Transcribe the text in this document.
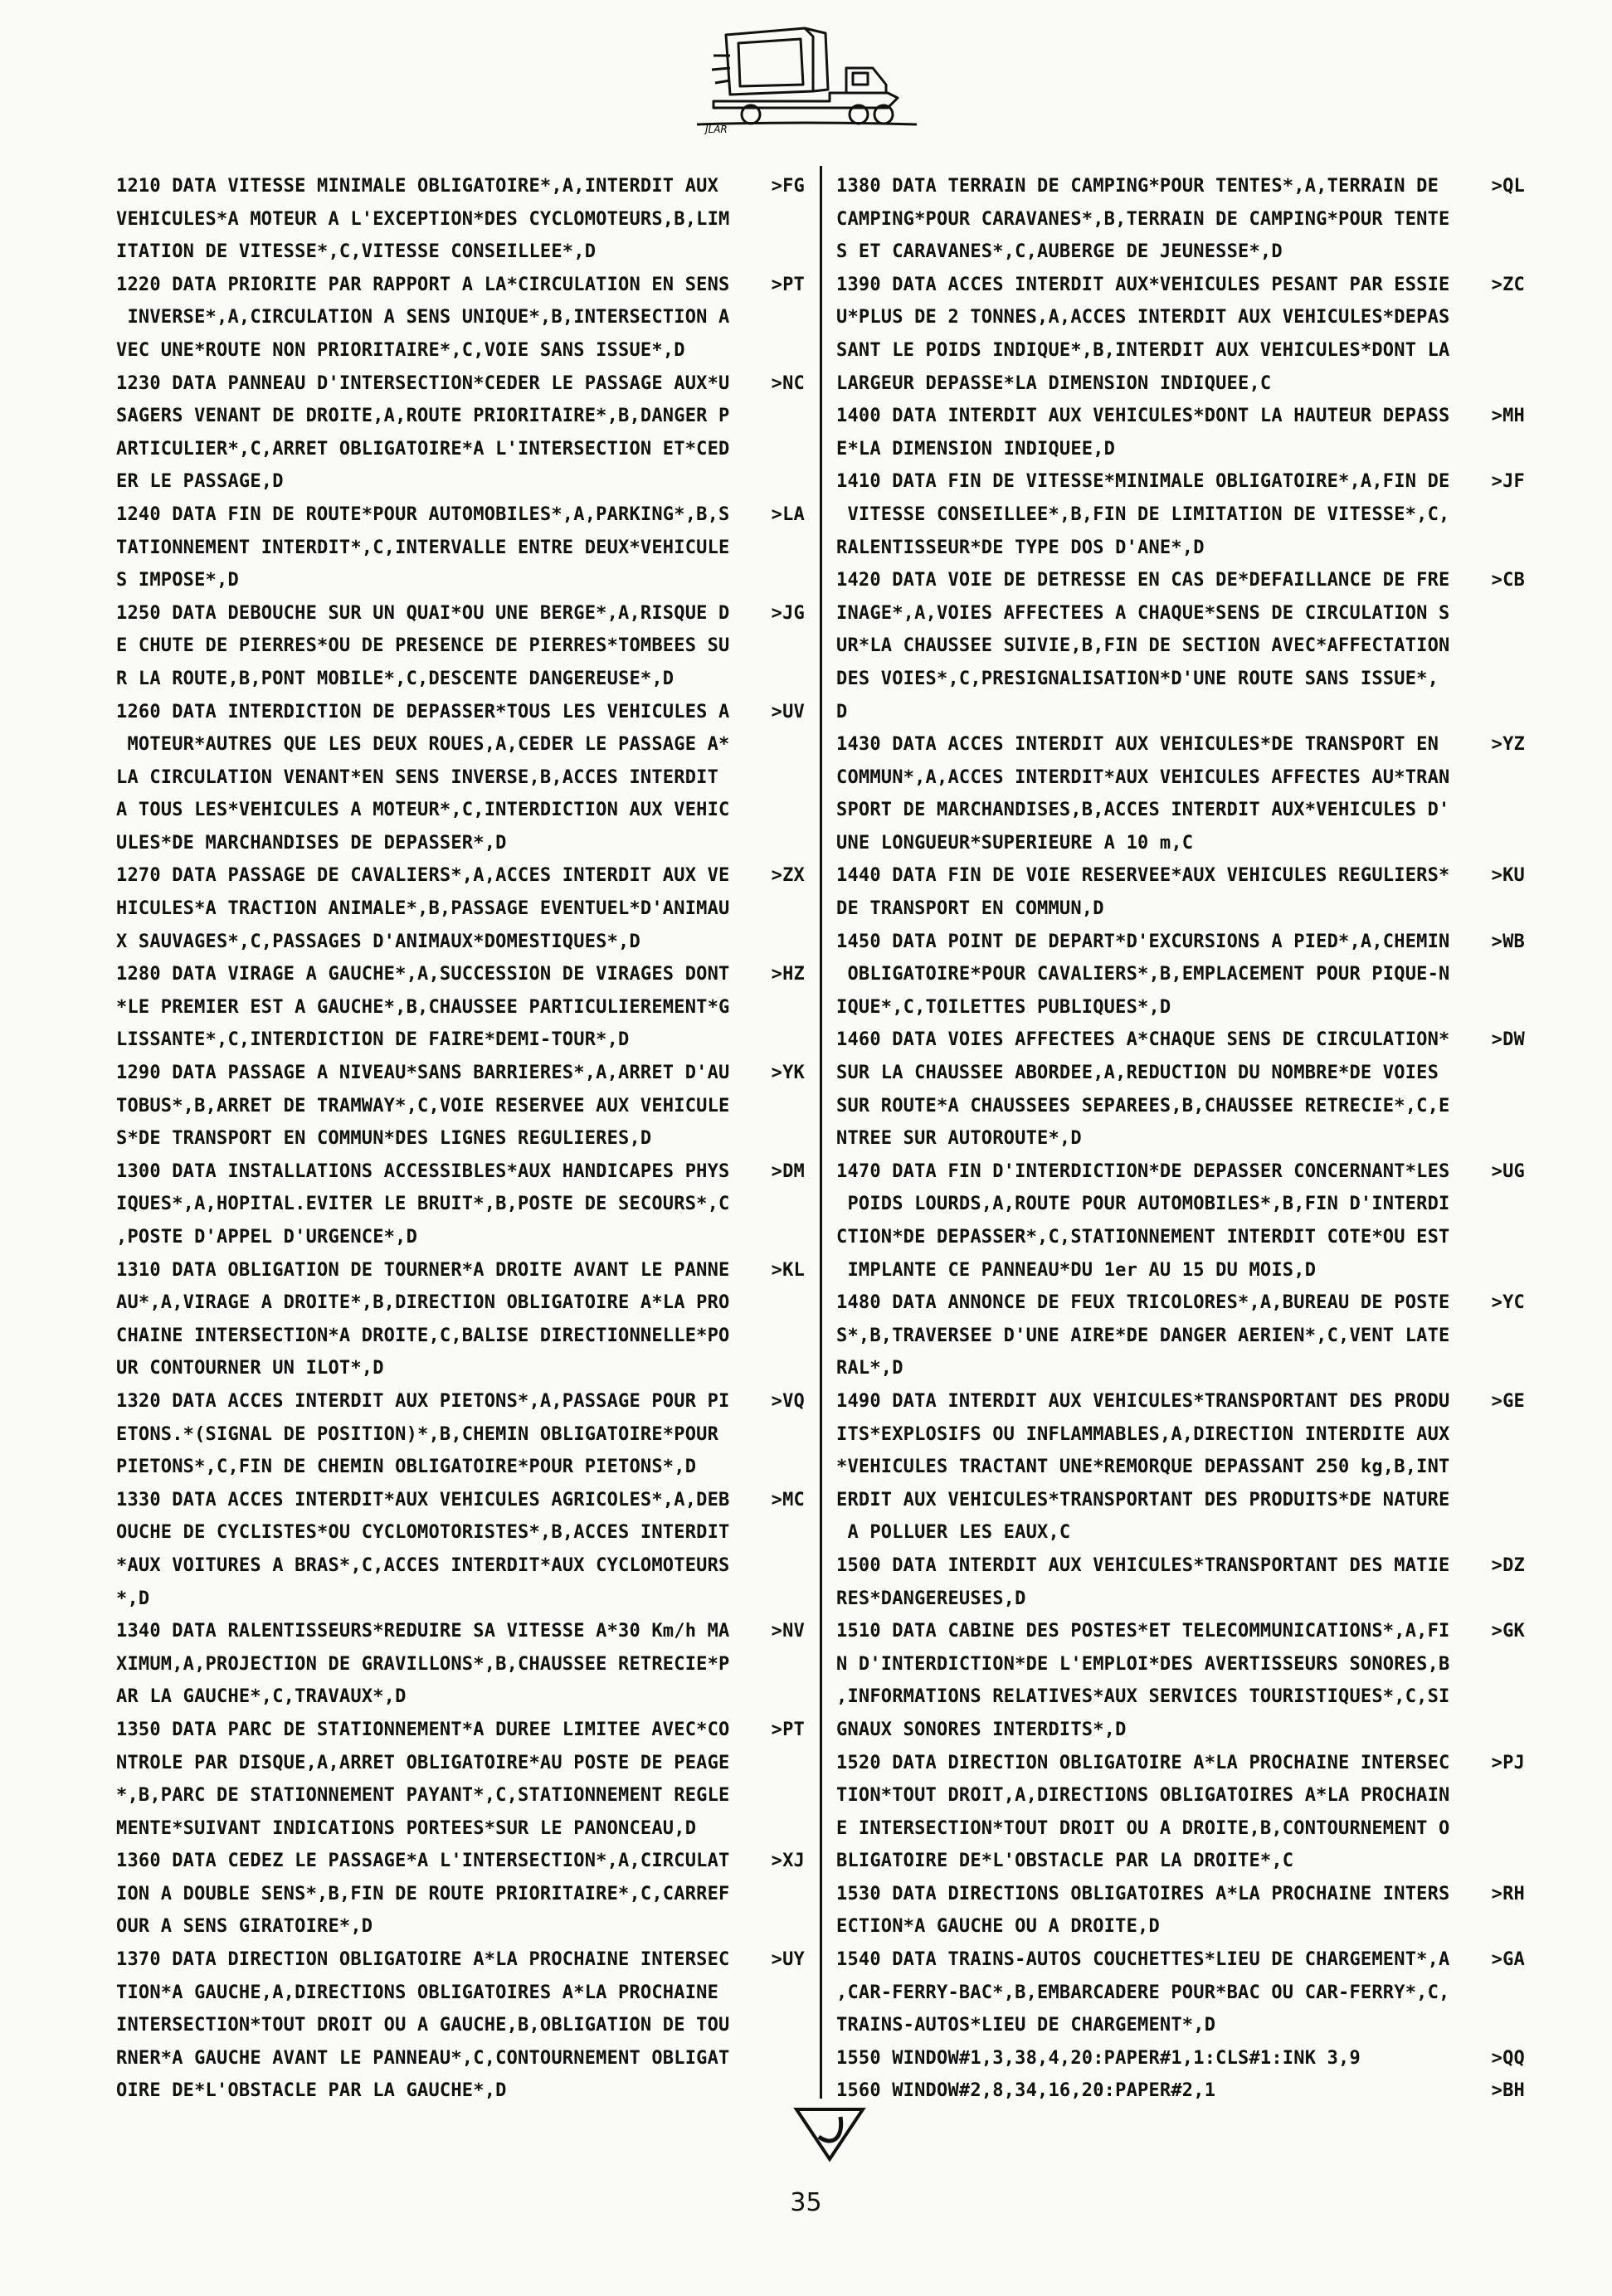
JLAR
1210 DATA VITESSE MINIMALE OBLIGATOIRE*,A,INTERDIT AUX	>FG
VEHICULES*A MOTEUR A L'EXCEPTION*DES CYCLOMOTEURS,B,LIM
ITATION DE VITESSE*,C,VITESSE CONSEILLEE*,D
1220 DATA PRIORITE PAR RAPPORT A LA*CIRCULATION EN SENS >PT
INVERSE*,A,CIRCULATION A SENS UNIQUE*,B,INTERSECTION A
VEC UNE*ROUTE NON PRIORITAIRE*,C,VOIE SANS ISSUE*,D
1230 DATA PANNEAU D'INTERSECTION*CEDER LE PASSAGE AUX*U >NC
SAGERS VENANT DE DROITE,A,ROUTE PRIORITAIRE*,B,DANGER P
ARTICULIER*,C,ARRET OBLIGATOIRE*A L'INTERSECTION ET*CED
ER LE PASSAGE,D
1240 DATA FIN DE ROUTE*POUR AUTOMOBILES*,A,PARKING*,B,S >LA
TATIONNEMENT INTERDIT*,C,INTERVALLE ENTRE DEUX*VEHICULE
S IMPOSE*,D
1250 DATA DEBOUCHE SUR UN QUAI*OU UNE BERGE*,A,RISQUE D >JG
E CHUTE DE PIERRES*OU DE PRESENCE DE PIERRES*TOMBEES SU
R LA ROUTE,B,PONT MOBILE*,C,DESCENTE DANGEREUSE*,D
1260 DATA INTERDICTION DE DEPASSER*TOUS LES VEHICULES A >UV
MOTEUR*AUTRES QUE LES DEUX ROUES,A,CEDER LE PASSAGE A*
LA CIRCULATION VENANT*EN SENS INVERSE,B,ACCES INTERDIT
A TOUS LES*VEHICULES A MOTEUR*,C,INTERDICTION AUX VEHIC
ULES*DE MARCHANDISES DE DEPASSER*,D
1270 DATA PASSAGE DE CAVALIERS*,A,ACCES INTERDIT AUX VE >ZX
HICULES*A TRACTION ANIMALE*,B,PASSAGE EVENTUEL*D'ANIMAU
X SAUVAGES*,C,PASSAGES D'ANIMAUX*DOMESTIQUES*,D
1280 DATA VIRAGE A GAUCHE*,A,SUCCESSION DE VIRAGES DONT >HZ
*LE PREMIER EST A GAUCHE*,B,CHAUSSEE PARTICULIEREMENT*G
LISSANTE*,C,INTERDICTION DE FAIRE*DEMI-TOUR*,D
1290 DATA PASSAGE A NIVEAU*SANS BARRIERES*,A,ARRET D'AU >YK
TOBUS*,B,ARRET DE TRAMWAY*,C,VOIE RESERVEE AUX VEHICULE
S*DE TRANSPORT EN COMMUN*DES LIGNES REGULIERES,D
1300 DATA INSTALLATIONS ACCESSIBLES*AUX HANDICAPES PHYS >DM
IQUES*,A,HOPITAL.EVITER LE BRUIT*,B,POSTE DE SECOURS*,C
,POSTE D'APPEL D'URGENCE*,D
1310 DATA OBLIGATION DE TOURNER*A DROITE AVANT LE PANNE >KL
AU*,A,VIRAGE A DROITE*,B,DIRECTION OBLIGATOIRE A*LA PRO
CHAINE INTERSECTION*A DROITE,C,BALISE DIRECTIONNELLE*PO
UR CONTOURNER UN ILOT*,D
1320 DATA ACCES INTERDIT AUX PIETONS*,A,PASSAGE POUR PI >VQ
ETONS.*(SIGNAL DE POSITION)*,B,CHEMIN OBLIGATOIRE*POUR
PIETONS*,C,FIN DE CHEMIN OBLIGATOIRE*POUR PIETONS*,D
1330 DATA ACCES INTERDIT*AUX VEHICULES AGRICOLES*,A,DEB >MC
OUCHE DE CYCLISTES*OU CYCLOMOTORISTES*,B,ACCES INTERDIT
*AUX VOITURES A BRAS*,C,ACCES INTERDIT*AUX CYCLOMOTEURS
*,D
1340 DATA RALENTISSEURS*REDUIRE SA VITESSE A*30 Km/h MA >NV
XIMUM,A,PROJECTION DE GRAVILLONS*,B,CHAUSSEE RETRECIE*P
AR LA GAUCHE*,C,TRAVAUX*,D
1350 DATA PARC DE STATIONNEMENT*A DUREE LIMITEE AVEC*CO >PT
NTROLE PAR DISQUE,A,ARRET OBLIGATOIRE*AU POSTE DE PEAGE
*,B,PARC DE STATIONNEMENT PAYANT*,C,STATIONNEMENT REGLE
MENTE*SUIVANT INDICATIONS PORTEES*SUR LE PANONCEAU,D
1360 DATA CEDEZ LE PASSAGE*A L'INTERSECTION*,A,CIRCULAT >XJ
ION A DOUBLE SENS*,B,FIN DE ROUTE PRIORITAIRE*,C,CARREF
OUR A SENS GIRATOIRE*,D
1370 DATA DIRECTION OBLIGATOIRE A*LA PROCHAINE INTERSEC >UY
TION*A GAUCHE,A,DIRECTIONS OBLIGATOIRES A*LA PROCHAINE
INTERSECTION*TOUT DROIT OU A GAUCHE,B,OBLIGATION DE TOU
RNER*A GAUCHE AVANT LE PANNEAU*,C,CONTOURNEMENT OBLIGAT
OIRE DE*L'OBSTACLE PAR LA GAUCHE*,D
1380 DATA TERRAIN DE CAMPING*POUR TENTES*,A,TERRAIN DE	>QL
CAMPING*POUR CARAVANES*,B,TERRAIN DE CAMPING*POUR TENTE
S ET CARAVANES*,C,AUBERGE DE JEUNESSE*,D
1390 DATA ACCES INTERDIT AUX*VEHICULES PESANT PAR ESSIE >ZC
U*PLUS DE 2 TONNES,A,ACCES INTERDIT AUX VEHICULES*DEPAS
SANT LE POIDS INDIQUE*,B,INTERDIT AUX VEHICULES*DONT LA
LARGEUR DEPASSE*LA DIMENSION INDIQUEE,C
1400 DATA INTERDIT AUX VEHICULES*DONT LA HAUTEUR DEPASS >MH
E*LA DIMENSION INDIQUEE,D
1410 DATA FIN DE VITESSE*MINIMALE OBLIGATOIRE*,A,FIN DE >JF
VITESSE CONSEILLEE*,B,FIN DE LIMITATION DE VITESSE*,C,
RALENTISSEUR*DE TYPE DOS D'ANE*,D
1420 DATA VOIE DE DETRESSE EN CAS DE*DEFAILLANCE DE FRE >CB
INAGE*,A,VOIES AFFECTEES A CHAQUE*SENS DE CIRCULATION S
UR*LA CHAUSSEE SUIVIE,B,FIN DE SECTION AVEC*AFFECTATION
DES VOIES*,C,PRESIGNALISATION*D'UNE ROUTE SANS ISSUE*,
D
1430 DATA ACCES INTERDIT AUX VEHICULES*DE TRANSPORT EN	>YZ
COMMUN*,A,ACCES INTERDIT*AUX VEHICULES AFFECTES AU*TRAN
SPORT DE MARCHANDISES,B,ACCES INTERDIT AUX*VEHICULES D'
UNE LONGUEUR*SUPERIEURE A 10 m,C
1440 DATA FIN DE VOIE RESERVEE*AUX VEHICULES REGULIERS* >KU
DE TRANSPORT EN COMMUN,D
1450 DATA POINT DE DEPART*D'EXCURSIONS A PIED*,A,CHEMIN >WB
OBLIGATOIRE*POUR CAVALIERS*,B,EMPLACEMENT POUR PIQUE-N
IQUE*,C,TOILETTES PUBLIQUES*,D
1460 DATA VOIES AFFECTEES A*CHAQUE SENS DE CIRCULATION* >DW
SUR LA CHAUSSEE ABORDEE,A,REDUCTION DU NOMBRE*DE VOIES
SUR ROUTE*A CHAUSSEES SEPAREES,B,CHAUSSEE RETRECIE*,C,E
NTREE SUR AUTOROUTE*,D
1470 DATA FIN D'INTERDICTION*DE DEPASSER CONCERNANT*LES >UG
POIDS LOURDS,A,ROUTE POUR AUTOMOBILES*,B,FIN D'INTERDI
CTION*DE DEPASSER*,C,STATIONNEMENT INTERDIT COTE*OU EST
IMPLANTE CE PANNEAU*DU 1er AU 15 DU MOIS,D
1480 DATA ANNONCE DE FEUX TRICOLORES*,A,BUREAU DE POSTE >YC
S*,B,TRAVERSEE D'UNE AIRE*DE DANGER AERIEN*,C,VENT LATE
RAL*,D
1490 DATA INTERDIT AUX VEHICULES*TRANSPORTANT DES PRODU >GE
ITS*EXPLOSIFS OU INFLAMMABLES,A,DIRECTION INTERDITE AUX
*VEHICULES TRACTANT UNE*REMORQUE DEPASSANT 250 kg,B,INT
ERDIT AUX VEHICULES*TRANSPORTANT DES PRODUITS*DE NATURE
A POLLUER LES EAUX,C
1500 DATA INTERDIT AUX VEHICULES*TRANSPORTANT DES MATIE >DZ
RES*DANGEREUSES,D
1510 DATA CABINE DES POSTES*ET TELECOMMUNICATIONS*,A,FI >GK
N D'INTERDICTION*DE L'EMPLOI*DES AVERTISSEURS SONORES,B
,INFORMATIONS RELATIVES*AUX SERVICES TOURISTIQUES*,C,SI
GNAUX SONORES INTERDITS*,D
1520 DATA DIRECTION OBLIGATOIRE A*LA PROCHAINE INTERSEC >PJ
TION*TOUT DROIT,A,DIRECTIONS OBLIGATOIRES A*LA PROCHAIN
E INTERSECTION*TOUT DROIT OU A DROITE,B,CONTOURNEMENT O
BLIGATOIRE DE*L'OBSTACLE PAR LA DROITE*,C
1530 DATA DIRECTIONS OBLIGATOIRES A*LA PROCHAINE INTERS >RH
ECTION*A GAUCHE OU A DROITE,D
1540 DATA TRAINS-AUTOS COUCHETTES*LIEU DE CHARGEMENT*,A >GA
,CAR-FERRY-BAC*,B,EMBARCADERE POUR*BAC OU CAR-FERRY*,C,
TRAINS-AUTOS*LIEU DE CHARGEMENT*,D
1550 WINDOW#1,3,38,4,20:PAPER#1,1:CLS#1:INK 3,9	>QQ
1560 WINDOW#2,8,34,16,20:PAPER#2,1	>BH
35
